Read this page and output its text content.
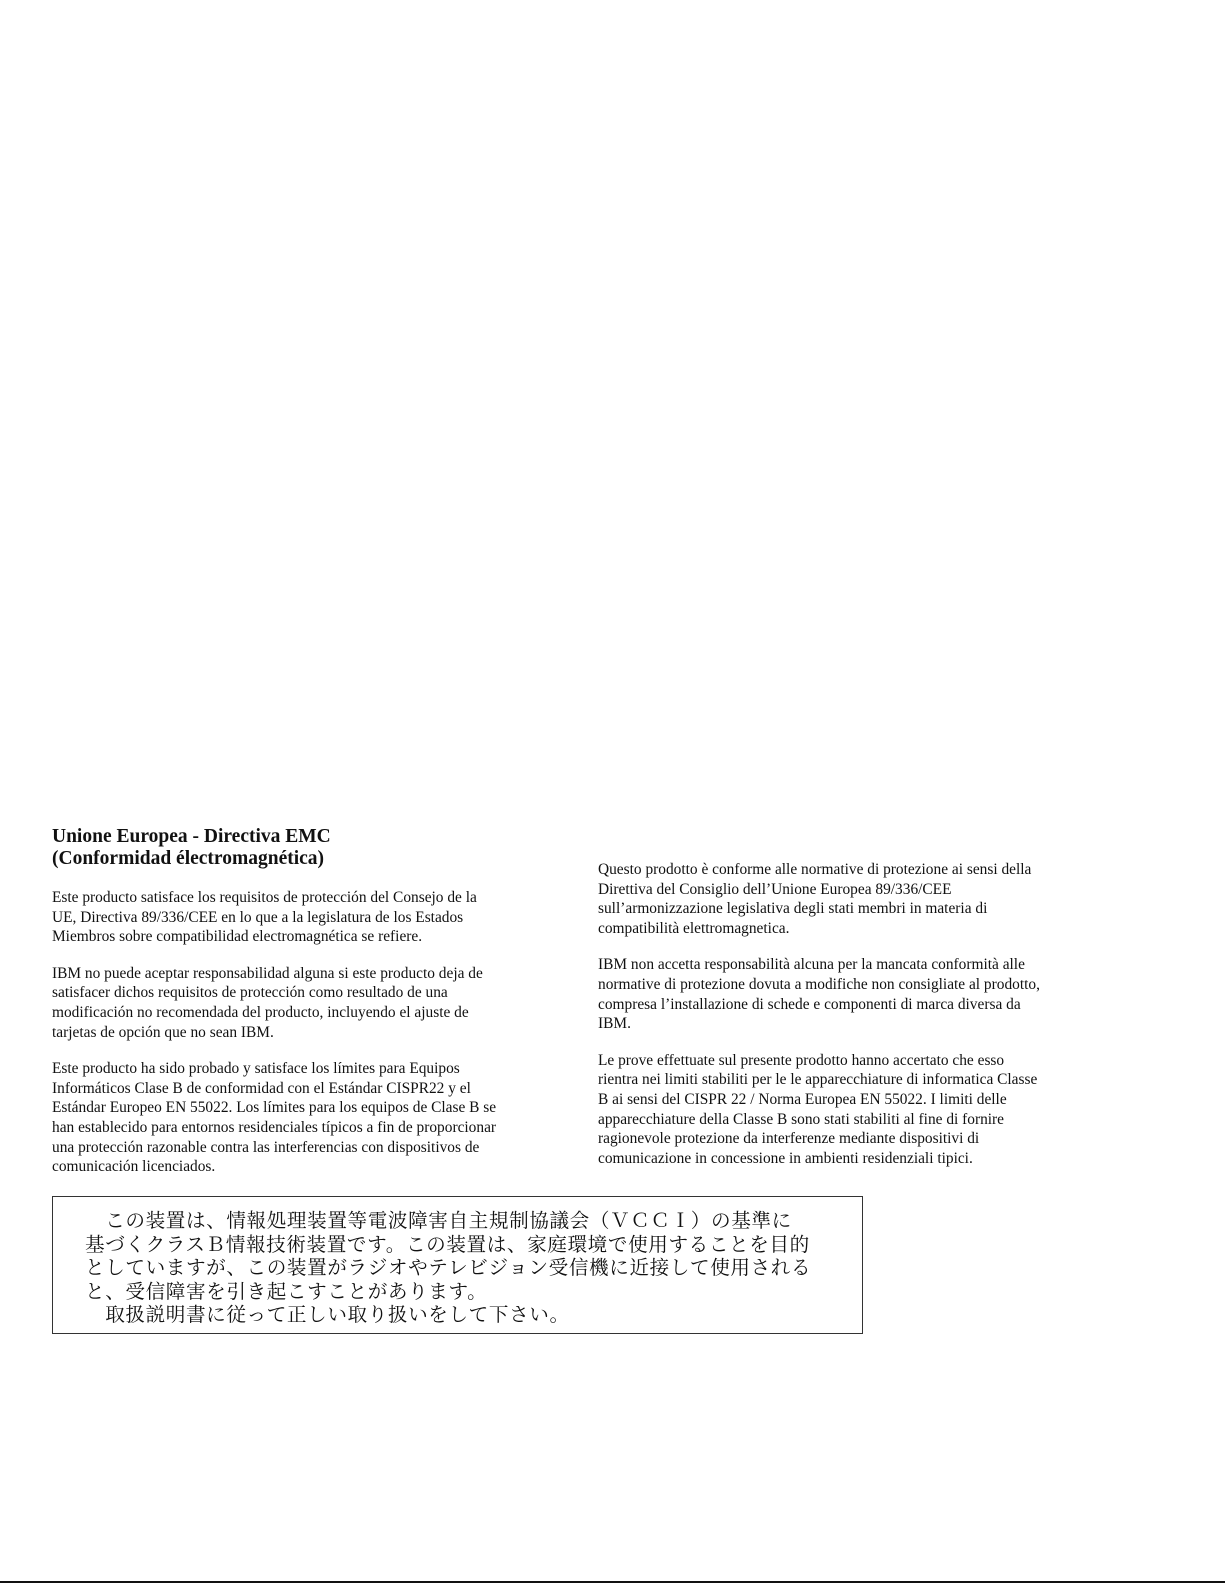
Unione Europea - Directiva EMC
(Conformidad électromagnética)
Este producto satisface los requisitos de protección del Consejo de la
UE, Directiva 89/336/CEE en lo que a la legislatura de los Estados
Miembros sobre compatibilidad electromagnética se refiere.
IBM no puede aceptar responsabilidad alguna si este producto deja de
satisfacer dichos requisitos de protección como resultado de una
modificación no recomendada del producto, incluyendo el ajuste de
tarjetas de opción que no sean IBM.
Este producto ha sido probado y satisface los límites para Equipos
Informáticos Clase B de conformidad con el Estándar CISPR22 y el
Estándar Europeo EN 55022. Los límites para los equipos de Clase B se
han establecido para entornos residenciales típicos a fin de proporcionar
una protección razonable contra las interferencias con dispositivos de
comunicación licenciados.
Questo prodotto è conforme alle normative di protezione ai sensi della
Direttiva del Consiglio dell’Unione Europea 89/336/CEE
sull’armonizzazione legislativa degli stati membri in materia di
compatibilità elettromagnetica.
IBM non accetta responsabilità alcuna per la mancata conformità alle
normative di protezione dovuta a modifiche non consigliate al prodotto,
compresa l’installazione di schede e componenti di marca diversa da
IBM.
Le prove effettuate sul presente prodotto hanno accertato che esso
rientra nei limiti stabiliti per le le apparecchiature di informatica Classe
B ai sensi del CISPR 22 / Norma Europea EN 55022. I limiti delle
apparecchiature della Classe B sono stati stabiliti al fine di fornire
ragionevole protezione da interferenze mediante dispositivi di
comunicazione in concessione in ambienti residenziali tipici.
　この装置は、情報処理装置等電波障害自主規制協議会（ＶＣＣＩ）の基準に
基づくクラスＢ情報技術装置です。この装置は、家庭環境で使用することを目的
としていますが、この装置がラジオやテレビジョン受信機に近接して使用される
と、受信障害を引き起こすことがあります。
　取扱説明書に従って正しい取り扱いをして下さい。
